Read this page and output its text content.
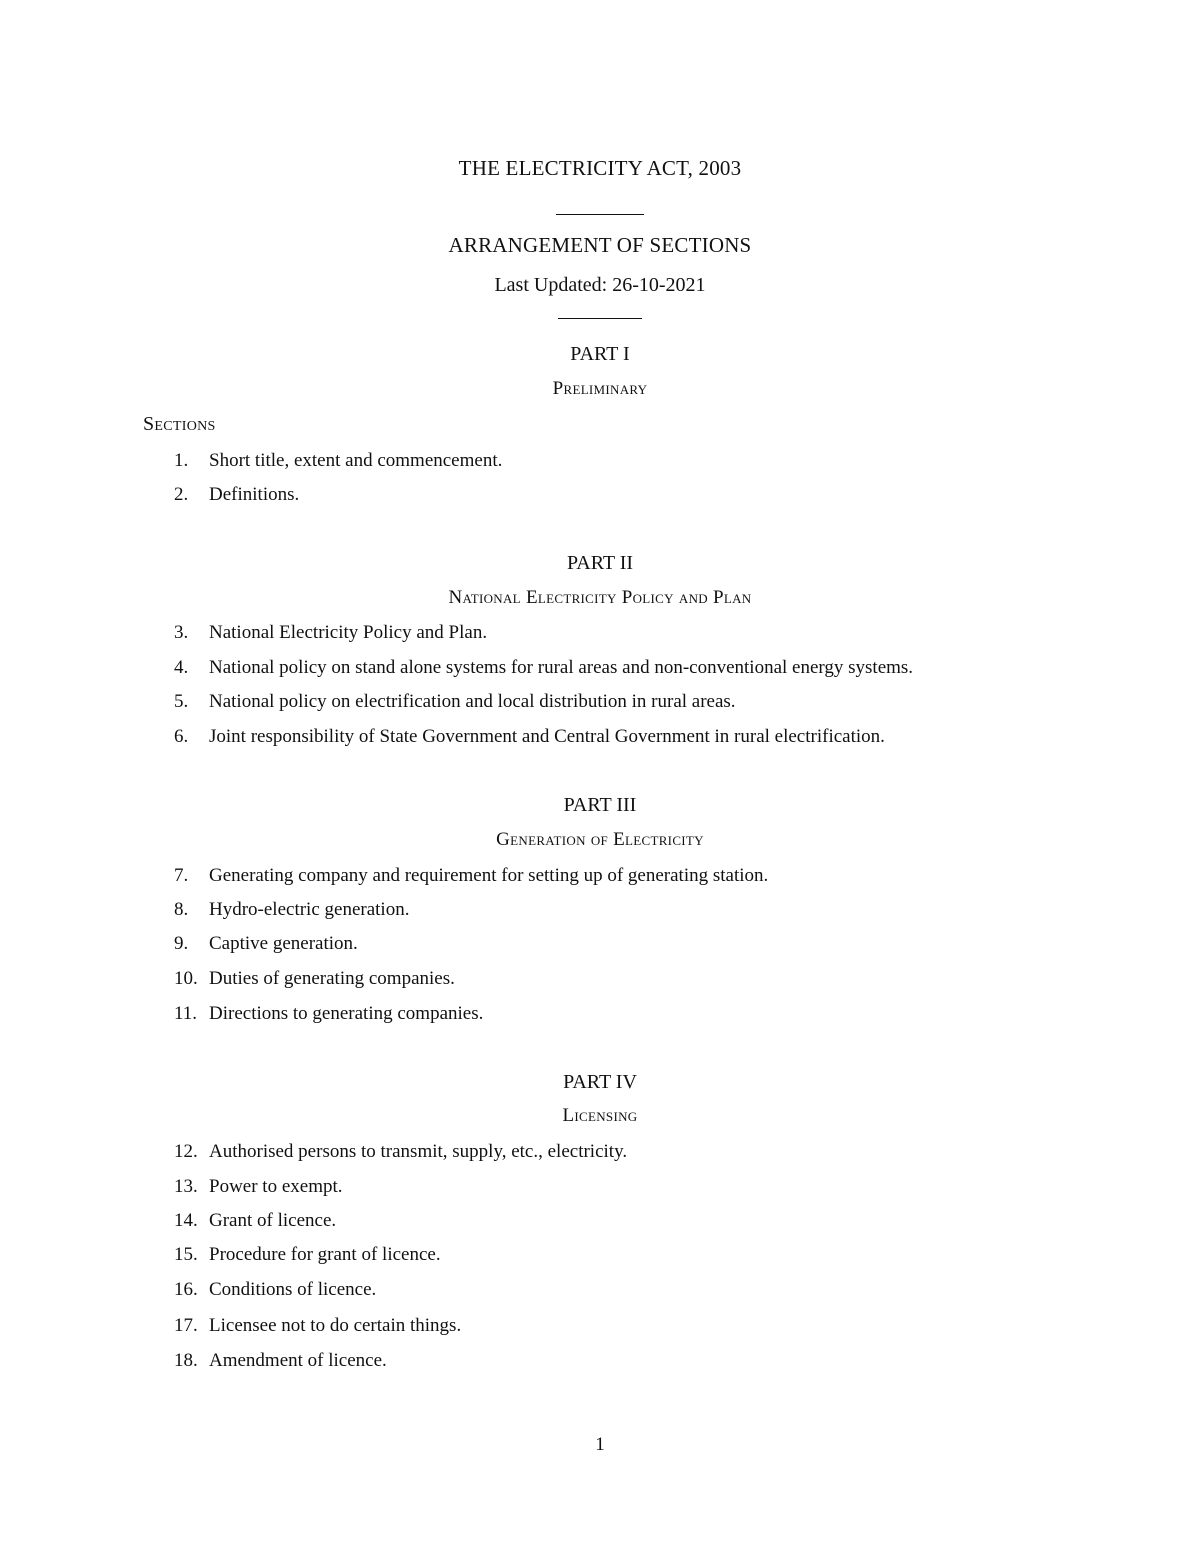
THE ELECTRICITY ACT, 2003
ARRANGEMENT OF SECTIONS
Last Updated: 26-10-2021
PART I
Preliminary
Sections
1. Short title, extent and commencement.
2. Definitions.
PART II
National Electricity Policy and Plan
3. National Electricity Policy and Plan.
4. National policy on stand alone systems for rural areas and non-conventional energy systems.
5. National policy on electrification and local distribution in rural areas.
6. Joint responsibility of State Government and Central Government in rural electrification.
PART III
Generation of Electricity
7. Generating company and requirement for setting up of generating station.
8. Hydro-electric generation.
9. Captive generation.
10. Duties of generating companies.
11. Directions to generating companies.
PART IV
Licensing
12. Authorised persons to transmit, supply, etc., electricity.
13. Power to exempt.
14. Grant of licence.
15. Procedure for grant of licence.
16. Conditions of licence.
17. Licensee not to do certain things.
18. Amendment of licence.
1
